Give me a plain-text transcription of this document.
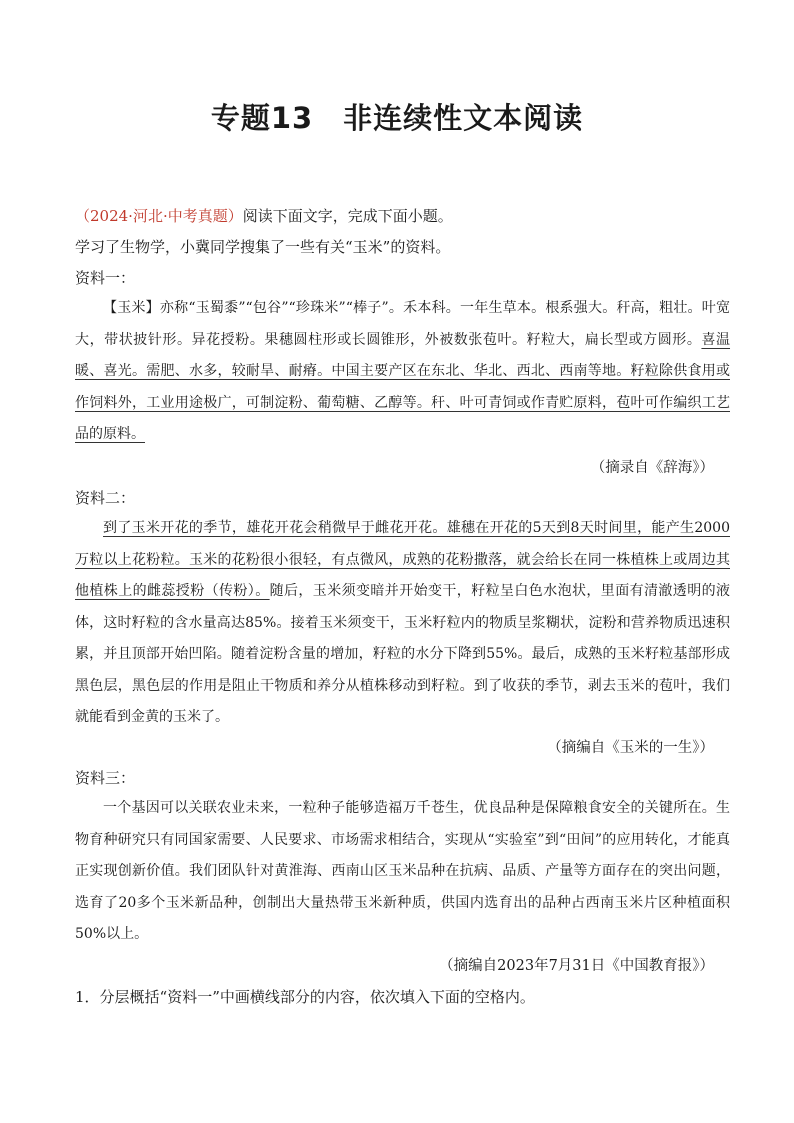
专题13　非连续性文本阅读
（2024·河北·中考真题）阅读下面文字，完成下面小题。
学习了生物学，小冀同学搜集了一些有关“玉米”的资料。
资料一：

【玉米】亦称“玉蜀黍”“包谷”“珍珠米”“棒子”。禾本科。一年生草本。根系强大。秆高，粗壮。叶宽大，带状披针形。异花授粉。果穗圆柱形或长圆锥形，外被数张苞叶。籽粒大，扁长型或方圆形。喜温暖、喜光。需肥、水多，较耐旱、耐瘠。中国主要产区在东北、华北、西北、西南等地。籽粒除供食用或作饲料外，工业用途极广，可制淀粉、葡萄糖、乙醇等。秆、叶可青饲或作青贮原料，苞叶可作编织工艺品的原料。

（摘录自《辞海》）
资料二：

到了玉米开花的季节，雄花开花会稍微早于雌花开花。雄穗在开花的5天到8天时间里，能产生2000万粒以上花粉粒。玉米的花粉很小很轻，有点微风，成熟的花粉撒落，就会给长在同一株植株上或周边其他植株上的雌蕊授粉（传粉）。随后，玉米须变暗并开始变干，籽粒呈白色水泡状，里面有清澈透明的液体，这时籽粒的含水量高达85%。接着玉米须变干，玉米籽粒内的物质呈浆糊状，淀粉和营养物质迅速积累，并且顶部开始凹陷。随着淀粉含量的增加，籽粒的水分下降到55%。最后，成熟的玉米籽粒基部形成黑色层，黑色层的作用是阻止干物质和养分从植株移动到籽粒。到了收获的季节，剥去玉米的苞叶，我们就能看到金黄的玉米了。

（摘编自《玉米的一生》）
资料三：

一个基因可以关联农业未来，一粒种子能够造福万千苍生，优良品种是保障粮食安全的关键所在。生物育种研究只有同国家需要、人民要求、市场需求相结合，实现从“实验室”到“田间”的应用转化，才能真正实现创新价值。我们团队针对黄淮海、西南山区玉米品种在抗病、品质、产量等方面存在的突出问题，选育了20多个玉米新品种，创制出大量热带玉米新种质，供国内选育出的品种占西南玉米片区种植面积50%以上。

（摘编自2023年7月31日《中国教育报》）
1．分层概括“资料一”中画横线部分的内容，依次填入下面的空格内。
